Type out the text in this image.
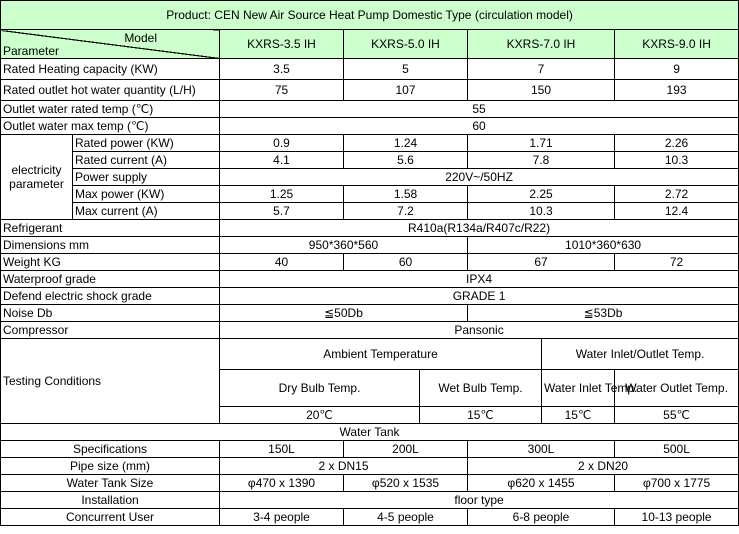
Product: CEN New Air Source Heat Pump Domestic Type (circulation model)							

Model
Parameter		KXRS-3.5 IH	KXRS-5.0 IH		KXRS-7.0 IH		KXRS-9.0 IH
Rated Heating capacity (KW)		3.5	5		7		9
Rated outlet hot water quantity (L/H)		75	107		150		193
Outlet water rated temp (℃)		55					
Outlet water max temp (℃)		60					

electricity
parameter	Rated power (KW)	0.9	1.24		1.71		2.26
	Rated current (A)	4.1	5.6		7.8		10.3
	Power supply	220V~/50HZ					
	Max power (KW)	1.25	1.58		2.25		2.72
	Max current (A)	5.7	7.2		10.3		12.4
Refrigerant		R410a(R134a/R407c/R22)					
Dimensions mm		950*360*560			1010*360*630		
Weight KG		40	60		67		72
Waterproof grade		IPX4					
Defend electric shock grade		GRADE 1					
Noise Db		≦50Db			≦53Db		
Compressor		Pansonic					
Testing Conditions		Ambient Temperature				Water Inlet/Outlet Temp.	
		Dry Bulb Temp.		Wet Bulb Temp.		Water Inlet Temp.	Water Outlet Temp.
		20℃		15℃		15℃	55℃
Water Tank							
Specifications		150L	200L		300L		500L
Pipe size (mm)		2 x DN15			2 x DN20		
Water Tank Size		φ470 x 1390	φ520 x 1535		φ620 x 1455		φ700 x 1775
Installation		floor type					
Concurrent User		3-4 people	4-5 people		6-8 people		10-13 people
